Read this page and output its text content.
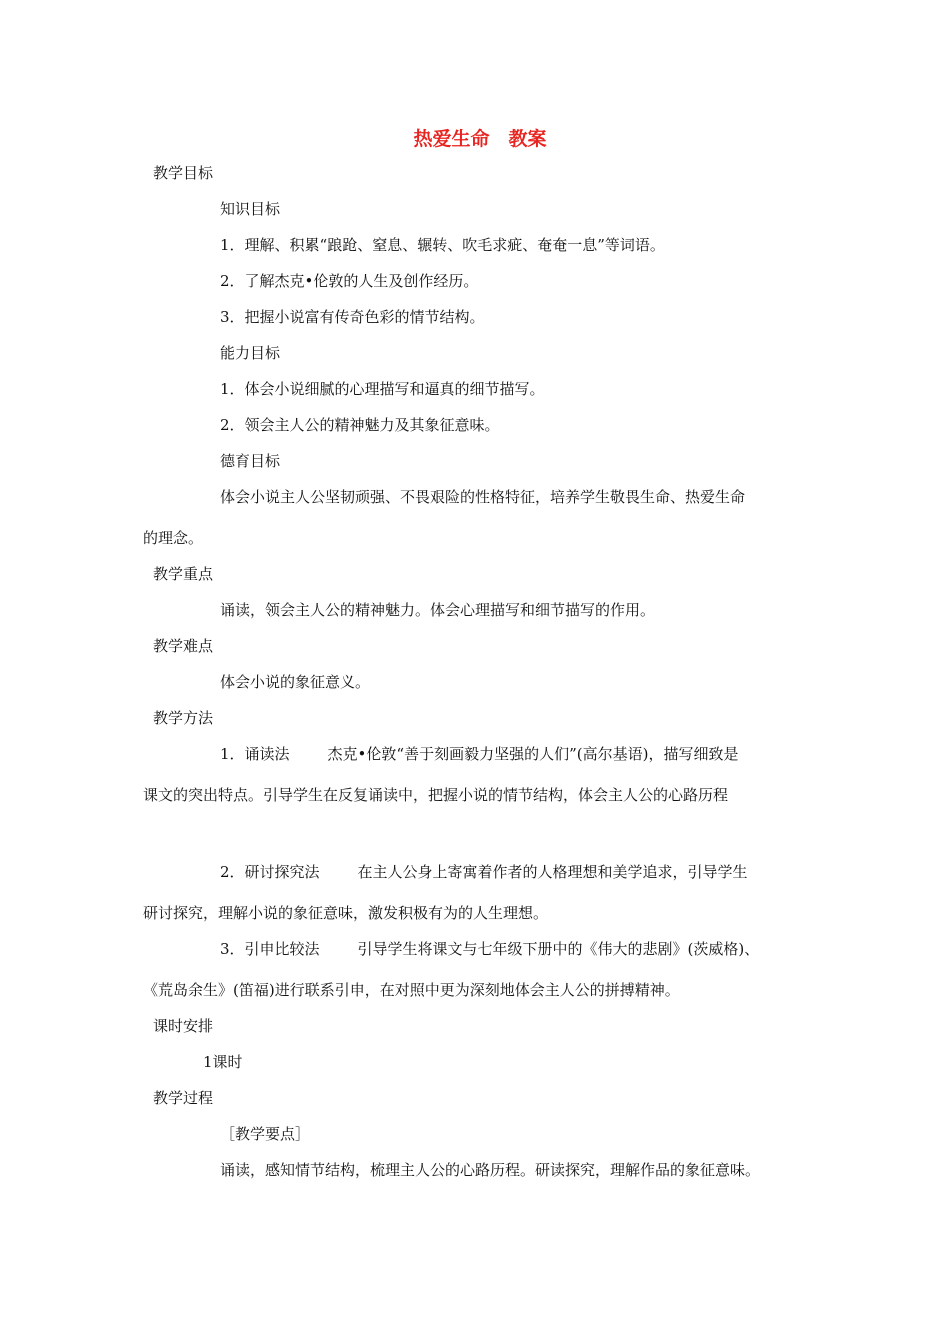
热爱生命　教案
教学目标
知识目标
1．理解、积累“踉跄、窒息、辗转、吹毛求疵、奄奄一息”等词语。
2．了解杰克•伦敦的人生及创作经历。
3．把握小说富有传奇色彩的情节结构。
能力目标
1．体会小说细腻的心理描写和逼真的细节描写。
2．领会主人公的精神魅力及其象征意味。
德育目标
体会小说主人公坚韧顽强、不畏艰险的性格特征，培养学生敬畏生命、热爱生命
的理念。
教学重点
诵读，领会主人公的精神魅力。体会心理描写和细节描写的作用。
教学难点
体会小说的象征意义。
教学方法
1．诵读法	杰克•伦敦“善于刻画毅力坚强的人们”(高尔基语)，描写细致是
课文的突出特点。引导学生在反复诵读中，把握小说的情节结构，体会主人公的心路历程
2．研讨探究法	在主人公身上寄寓着作者的人格理想和美学追求，引导学生
研讨探究，理解小说的象征意味，激发积极有为的人生理想。
3．引申比较法	引导学生将课文与七年级下册中的《伟大的悲剧》(茨威格)、
《荒岛余生》(笛福)进行联系引申，在对照中更为深刻地体会主人公的拼搏精神。
课时安排
1课时
教学过程
［教学要点］
诵读，感知情节结构，梳理主人公的心路历程。研读探究，理解作品的象征意味。
